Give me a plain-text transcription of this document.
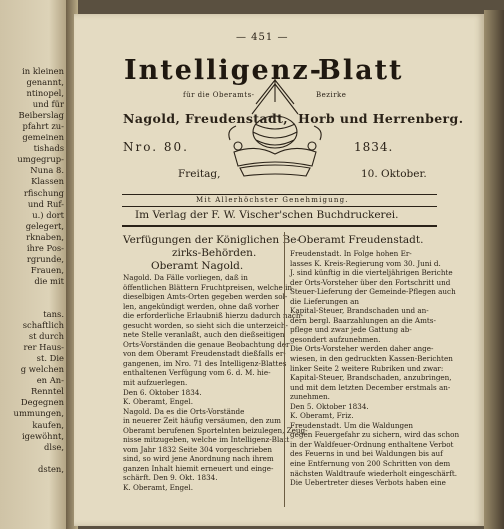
in kleinen
genannt,
ntinopel,
und für
Beiberslag
pfahrt zu-
gemeinen
tishads
umgegrup-
Nuna 8.
Klassen
rfischung
und Ruf-
u.) dort
gelegert,
rknaben,
ihre Pos-
rgrunde,
Frauen,
die mit
tans.
schaftlich
st durch
rer Haus-
st. Die
g welchen
en An-
Renntel
Degegnen
ummungen,
kaufen,
igewöhnt,
dlse,
dsten,
— 451 —
Intelligenz-
Blatt
für die Oberamts-	Bezirke
Nagold, Freudenstadt, Horb und Herrenberg.
Nro. 80.	1834.
Freitag,	10. Oktober.
Mit Allerhöchster Genehmigung.
Im Verlag der F. W. Vischer'schen Buchdruckerei.
Verfügungen der Königlichen Be-
zirks-Behörden.
Oberamt Nagold.
Oberamt Freudenstadt.
Nagold. Da Fälle vorliegen, daß in
öffentlichen Blättern Fruchtpreisen, welche in
dieselbigen Amts-Orten gegeben werden sol-
len, angekündigt werden, ohne daß vorher
die erforderliche Erlaubniß hierzu dadurch nach-
gesucht worden, so sieht sich die unterzeich-
nete Stelle veranlaßt, auch den dießseitigen
Orts-Vorständen die genaue Beobachtung der
von dem Oberamt Freudenstadt dießfalls er-
gangenen, im Nro. 71 des Intelligenz-Blattes
enthaltenen Verfügung vom 6. d. M. hie-
mit aufzuerlegen.
Den 6. Oktober 1834.
K. Oberamt, Engel.
Nagold. Da es die Orts-Vorstände
in neuerer Zeit häufig versäumen, den zum
Oberamt berufenen Sportelnten beizulegen, Zeug-
nisse mitzugeben, welche im Intelligenz-Blatt
vom Jahr 1832 Seite 304 vorgeschrieben
sind, so wird jene Anordnung nach ihrem
ganzen Inhalt hiemit erneuert und einge-
schärft. Den 9. Okt. 1834.
K. Oberamt, Engel.
Freudenstadt. In Folge hohen Er-
lasses K. Kreis-Regierung vom 30. Juni d.
J. sind künftig in die vierteljährigen Berichte
der Orts-Vorsteher über den Fortschritt und
Steuer-Lieferung der Gemeinde-Pflegen auch
die Lieferungen an
Kapital-Steuer, Brandschaden und an-
dern bergl. Baarzahlungen an die Amts-
pflege und zwar jede Gattung ab-
gesondert aufzunehmen.
Die Orts-Vorsteher werden daher ange-
wiesen, in den gedruckten Kassen-Berichten
linker Seite 2 weitere Rubriken und zwar:
Kapital-Steuer, Brandschaden, anzubringen,
und mit dem letzten December erstmals an-
zunehmen.
Den 5. Oktober 1834.
K. Oberamt, Friz.
Freudenstadt. Um die Waldungen
gegen Feuergefahr zu sichern, wird das schon
in der Waldfeuer-Ordnung enthaltene Verbot
des Feuerns in und bei Waldungen bis auf
eine Entfernung von 200 Schritten von dem
nächsten Waldtraufe wiederholt eingeschärft.
Die Uebertreter dieses Verbots haben eine
